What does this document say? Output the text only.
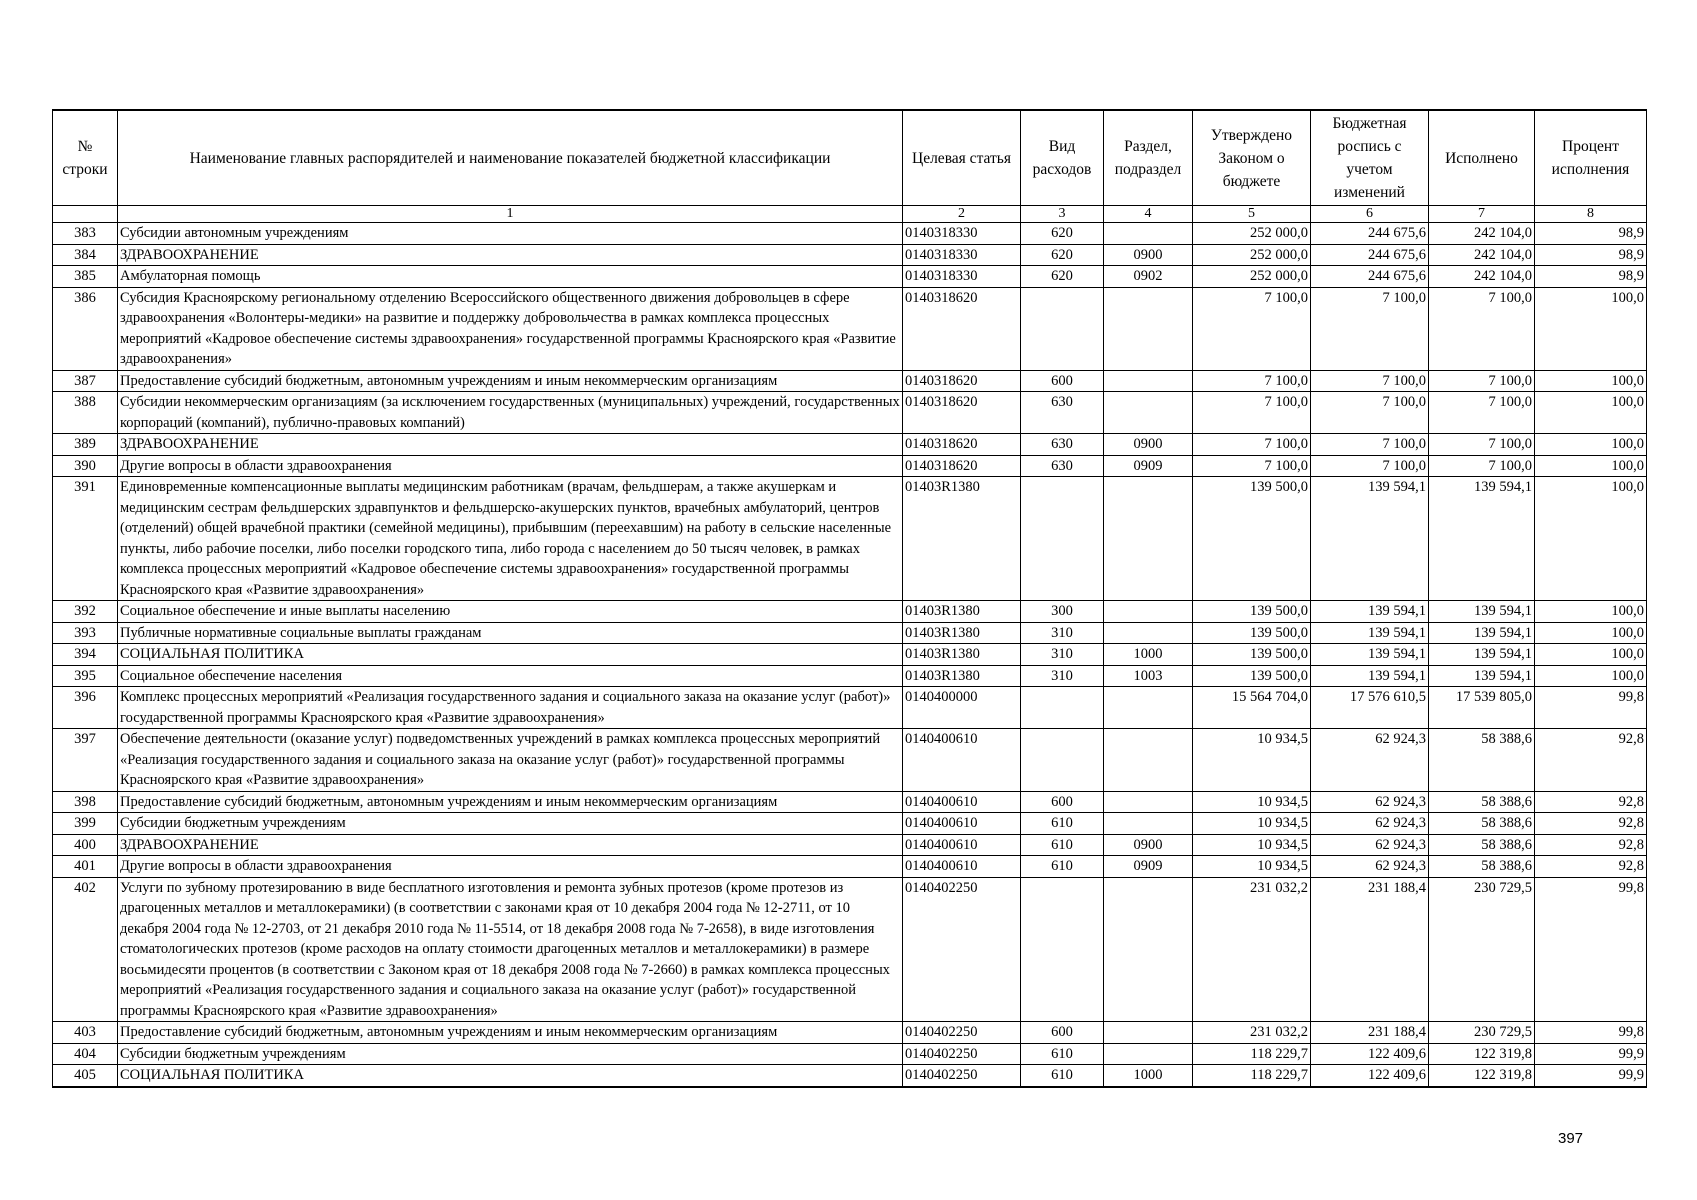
№ строки	Наименование главных распорядителей и наименование показателей бюджетной классификации	Целевая статья	Вид расходов	Раздел, подраздел	Утверждено Законом о бюджете	Бюджетная роспись с учетом изменений	Исполнено	Процент исполнения
	1	2	3	4	5	6	7	8
383	Субсидии автономным учреждениям	0140318330	620		252 000,0	244 675,6	242 104,0	98,9
384	ЗДРАВООХРАНЕНИЕ	0140318330	620	0900	252 000,0	244 675,6	242 104,0	98,9
385	Амбулаторная помощь	0140318330	620	0902	252 000,0	244 675,6	242 104,0	98,9
386	Субсидия Красноярскому региональному отделению Всероссийского общественного движения добровольцев в сфере здравоохранения «Волонтеры-медики» на развитие и поддержку добровольчества в рамках комплекса процессных мероприятий «Кадровое обеспечение системы здравоохранения» государственной программы Красноярского края «Развитие здравоохранения»	0140318620			7 100,0	7 100,0	7 100,0	100,0
387	Предоставление субсидий бюджетным, автономным учреждениям и иным некоммерческим организациям	0140318620	600		7 100,0	7 100,0	7 100,0	100,0
388	Субсидии некоммерческим организациям (за исключением государственных (муниципальных) учреждений, государственных корпораций (компаний), публично-правовых компаний)	0140318620	630		7 100,0	7 100,0	7 100,0	100,0
389	ЗДРАВООХРАНЕНИЕ	0140318620	630	0900	7 100,0	7 100,0	7 100,0	100,0
390	Другие вопросы в области здравоохранения	0140318620	630	0909	7 100,0	7 100,0	7 100,0	100,0
391	Единовременные компенсационные выплаты медицинским работникам (врачам, фельдшерам, а также акушеркам и медицинским сестрам фельдшерских здравпунктов и фельдшерско-акушерских пунктов, врачебных амбулаторий, центров (отделений) общей врачебной практики (семейной медицины), прибывшим (переехавшим) на работу в сельские населенные пункты, либо рабочие поселки, либо поселки городского типа, либо города с населением до 50 тысяч человек, в рамках комплекса процессных мероприятий «Кадровое обеспечение системы здравоохранения» государственной программы Красноярского края «Развитие здравоохранения»	01403R1380			139 500,0	139 594,1	139 594,1	100,0
392	Социальное обеспечение и иные выплаты населению	01403R1380	300		139 500,0	139 594,1	139 594,1	100,0
393	Публичные нормативные социальные выплаты гражданам	01403R1380	310		139 500,0	139 594,1	139 594,1	100,0
394	СОЦИАЛЬНАЯ ПОЛИТИКА	01403R1380	310	1000	139 500,0	139 594,1	139 594,1	100,0
395	Социальное обеспечение населения	01403R1380	310	1003	139 500,0	139 594,1	139 594,1	100,0
396	Комплекс процессных мероприятий «Реализация государственного задания и социального заказа на оказание услуг (работ)» государственной программы Красноярского края «Развитие здравоохранения»	0140400000			15 564 704,0	17 576 610,5	17 539 805,0	99,8
397	Обеспечение деятельности (оказание услуг) подведомственных учреждений в рамках комплекса процессных мероприятий «Реализация государственного задания и социального заказа на оказание услуг (работ)» государственной программы Красноярского края «Развитие здравоохранения»	0140400610			10 934,5	62 924,3	58 388,6	92,8
398	Предоставление субсидий бюджетным, автономным учреждениям и иным некоммерческим организациям	0140400610	600		10 934,5	62 924,3	58 388,6	92,8
399	Субсидии бюджетным учреждениям	0140400610	610		10 934,5	62 924,3	58 388,6	92,8
400	ЗДРАВООХРАНЕНИЕ	0140400610	610	0900	10 934,5	62 924,3	58 388,6	92,8
401	Другие вопросы в области здравоохранения	0140400610	610	0909	10 934,5	62 924,3	58 388,6	92,8
402	Услуги по зубному протезированию в виде бесплатного изготовления и ремонта зубных протезов (кроме протезов из драгоценных металлов и металлокерамики) (в соответствии с законами края от 10 декабря 2004 года № 12-2711, от 10 декабря 2004 года № 12-2703, от 21 декабря 2010 года № 11-5514, от 18 декабря 2008 года № 7-2658), в виде изготовления стоматологических протезов (кроме расходов на оплату стоимости драгоценных металлов и металлокерамики) в размере восьмидесяти процентов (в соответствии с Законом края от 18 декабря 2008 года № 7-2660) в рамках комплекса процессных мероприятий «Реализация государственного задания и социального заказа на оказание услуг (работ)» государственной программы Красноярского края «Развитие здравоохранения»	0140402250			231 032,2	231 188,4	230 729,5	99,8
403	Предоставление субсидий бюджетным, автономным учреждениям и иным некоммерческим организациям	0140402250	600		231 032,2	231 188,4	230 729,5	99,8
404	Субсидии бюджетным учреждениям	0140402250	610		118 229,7	122 409,6	122 319,8	99,9
405	СОЦИАЛЬНАЯ ПОЛИТИКА	0140402250	610	1000	118 229,7	122 409,6	122 319,8	99,9
397
